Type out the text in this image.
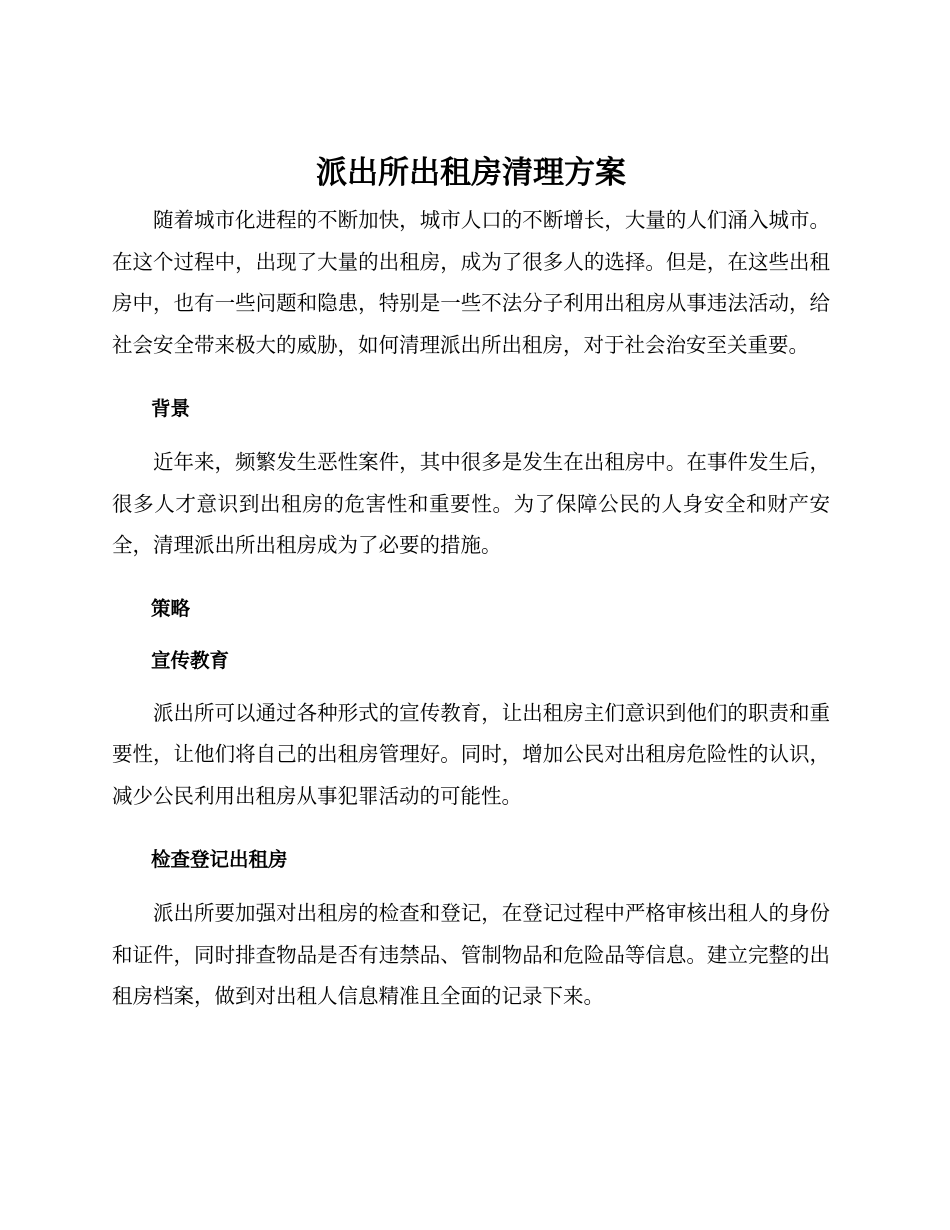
派出所出租房清理方案

随着城市化进程的不断加快，城市人口的不断增长，大量的人们涌入城市。在这个过程中，出现了大量的出租房，成为了很多人的选择。但是，在这些出租房中，也有一些问题和隐患，特别是一些不法分子利用出租房从事违法活动，给社会安全带来极大的威胁，如何清理派出所出租房，对于社会治安至关重要。

背景

近年来，频繁发生恶性案件，其中很多是发生在出租房中。在事件发生后，很多人才意识到出租房的危害性和重要性。为了保障公民的人身安全和财产安全，清理派出所出租房成为了必要的措施。

策略
宣传教育

派出所可以通过各种形式的宣传教育，让出租房主们意识到他们的职责和重要性，让他们将自己的出租房管理好。同时，增加公民对出租房危险性的认识，减少公民利用出租房从事犯罪活动的可能性。

检查登记出租房

派出所要加强对出租房的检查和登记，在登记过程中严格审核出租人的身份和证件，同时排查物品是否有违禁品、管制物品和危险品等信息。建立完整的出租房档案，做到对出租人信息精准且全面的记录下来。
